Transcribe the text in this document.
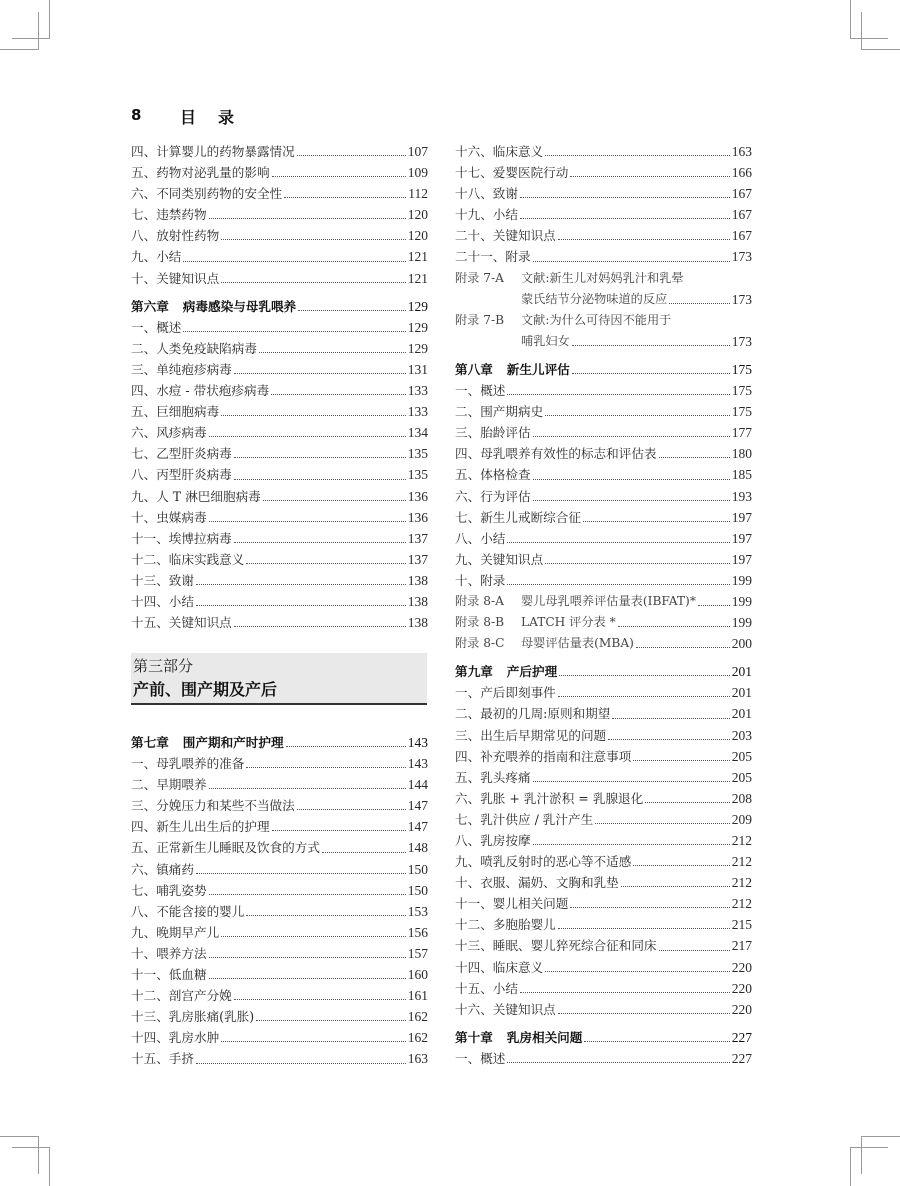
8 目录
四、计算婴儿的药物暴露情况	107
五、药物对泌乳量的影响	109
六、不同类别药物的安全性	112
七、违禁药物	120
八、放射性药物	120
九、小结	121
十、关键知识点	121
第六章 病毒感染与母乳喂养	129
一、概述	129
二、人类免疫缺陷病毒	129
三、单纯疱疹病毒	131
四、水痘 - 带状疱疹病毒	133
五、巨细胞病毒	133
六、风疹病毒	134
七、乙型肝炎病毒	135
八、丙型肝炎病毒	135
九、人 T 淋巴细胞病毒	136
十、虫媒病毒	136
十一、埃博拉病毒	137
十二、临床实践意义	137
十三、致谢	138
十四、小结	138
十五、关键知识点	138
第三部分
产前、围产期及产后
第七章 围产期和产时护理	143
一、母乳喂养的准备	143
二、早期喂养	144
三、分娩压力和某些不当做法	147
四、新生儿出生后的护理	147
五、正常新生儿睡眠及饮食的方式	148
六、镇痛药	150
七、哺乳姿势	150
八、不能含接的婴儿	153
九、晚期早产儿	156
十、喂养方法	157
十一、低血糖	160
十二、剖宫产分娩	161
十三、乳房胀痛(乳胀)	162
十四、乳房水肿	162
十五、手挤	163
十六、临床意义	163
十七、爱婴医院行动	166
十八、致谢	167
十九、小结	167
二十、关键知识点	167
二十一、附录	173
附录 7-A	文献:新生儿对妈妈乳汁和乳晕
蒙氏结节分泌物味道的反应	173
附录 7-B	文献:为什么可待因不能用于
哺乳妇女	173
第八章 新生儿评估	175
一、概述	175
二、围产期病史	175
三、胎龄评估	177
四、母乳喂养有效性的标志和评估表	180
五、体格检查	185
六、行为评估	193
七、新生儿戒断综合征	197
八、小结	197
九、关键知识点	197
十、附录	199
附录 8-A	婴儿母乳喂养评估量表(IBFAT)*	199
附录 8-B	LATCH 评分表 *	199
附录 8-C	母婴评估量表(MBA)	200
第九章 产后护理	201
一、产后即刻事件	201
二、最初的几周:原则和期望	201
三、出生后早期常见的问题	203
四、补充喂养的指南和注意事项	205
五、乳头疼痛	205
六、乳胀 + 乳汁淤积 = 乳腺退化	208
七、乳汁供应 / 乳汁产生	209
八、乳房按摩	212
九、喷乳反射时的恶心等不适感	212
十、衣服、漏奶、文胸和乳垫	212
十一、婴儿相关问题	212
十二、多胞胎婴儿	215
十三、睡眠、婴儿猝死综合征和同床	217
十四、临床意义	220
十五、小结	220
十六、关键知识点	220
第十章 乳房相关问题	227
一、概述	227
